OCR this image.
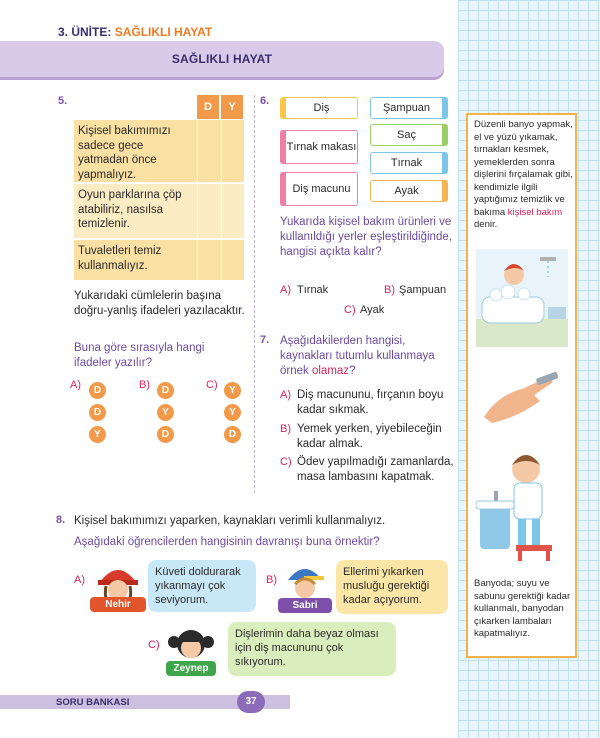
3. ÜNİTE: SAĞLIKLI HAYAT
SAĞLIKLI HAYAT
5.	D	Y
Kişisel bakımımızı sadece gece yatmadan önce yapmalıyız.
Oyun parklarına çöp atabiliriz, nasılsa temizlenir.
Tuvaletleri temiz kullanmalıyız.
Yukarıdaki cümlelerin başına doğru-yanlış ifadeleri yazılacaktır.
Buna göre sırasıyla hangi ifadeler yazılır?
A)	D
D
Y
B)	D
Y
D
C)	Y
Y
D
6.
Diş
Tırnak makası
Diş macunu
Şampuan
Saç
Tırnak
Ayak
Yukarıda kişisel bakım ürünleri ve kullanıldığı yerler eşleştirildiğinde, hangisi açıkta kalır?
A) Tırnak	B) Şampuan
C) Ayak
7. Aşağıdakilerden hangisi, kaynakları tutumlu kullanmaya örnek olamaz?
A) Diş macununu, fırçanın boyu kadar sıkmak.
B) Yemek yerken, yiyebileceğin kadar almak.
C) Ödev yapılmadığı zamanlarda, masa lambasını kapatmak.
Düzenli banyo yapmak, el ve yüzü yıkamak, tırnakları kesmek, yemeklerden sonra dişlerini fırçalamak gibi, kendimizle ilgili yaptığımız temizlik ve bakıma kişisel bakım denir.
Banyoda; suyu ve sabunu gerektiği kadar kullanmalı, banyodan çıkarken lambaları kapatmalıyız.
8. Kişisel bakımımızı yaparken, kaynakları verimli kullanmalıyız.
Aşağıdaki öğrencilerden hangisinin davranışı buna örnektir?
A)
Nehir
Küveti doldurarak yıkanmayı çok seviyorum.
B)
Sabri
Ellerimi yıkarken musluğu gerektiği kadar açıyorum.
C)
Zeynep
Dişlerimin daha beyaz olması için diş macununu çok sıkıyorum.
SORU BANKASI	37
